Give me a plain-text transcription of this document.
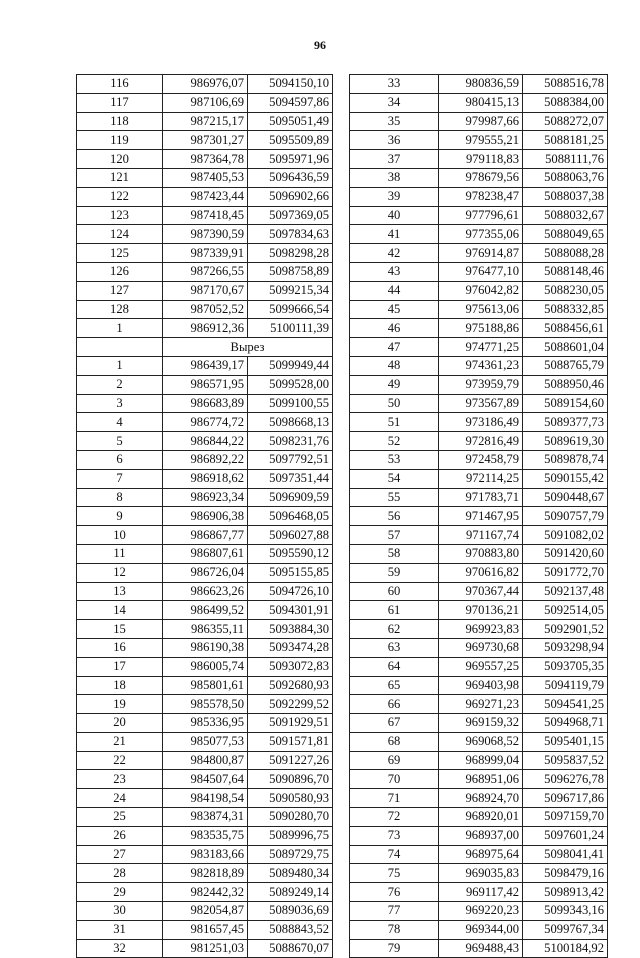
96
116	986976,07	5094150,10
117	987106,69	5094597,86
118	987215,17	5095051,49
119	987301,27	5095509,89
120	987364,78	5095971,96
121	987405,53	5096436,59
122	987423,44	5096902,66
123	987418,45	5097369,05
124	987390,59	5097834,63
125	987339,91	5098298,28
126	987266,55	5098758,89
127	987170,67	5099215,34
128	987052,52	5099666,54
1	986912,36	5100111,39
	Вырез	
1	986439,17	5099949,44
2	986571,95	5099528,00
3	986683,89	5099100,55
4	986774,72	5098668,13
5	986844,22	5098231,76
6	986892,22	5097792,51
7	986918,62	5097351,44
8	986923,34	5096909,59
9	986906,38	5096468,05
10	986867,77	5096027,88
11	986807,61	5095590,12
12	986726,04	5095155,85
13	986623,26	5094726,10
14	986499,52	5094301,91
15	986355,11	5093884,30
16	986190,38	5093474,28
17	986005,74	5093072,83
18	985801,61	5092680,93
19	985578,50	5092299,52
20	985336,95	5091929,51
21	985077,53	5091571,81
22	984800,87	5091227,26
23	984507,64	5090896,70
24	984198,54	5090580,93
25	983874,31	5090280,70
26	983535,75	5089996,75
27	983183,66	5089729,75
28	982818,89	5089480,34
29	982442,32	5089249,14
30	982054,87	5089036,69
31	981657,45	5088843,52
32	981251,03	5088670,07
33	980836,59	5088516,78
34	980415,13	5088384,00
35	979987,66	5088272,07
36	979555,21	5088181,25
37	979118,83	5088111,76
38	978679,56	5088063,76
39	978238,47	5088037,38
40	977796,61	5088032,67
41	977355,06	5088049,65
42	976914,87	5088088,28
43	976477,10	5088148,46
44	976042,82	5088230,05
45	975613,06	5088332,85
46	975188,86	5088456,61
47	974771,25	5088601,04
48	974361,23	5088765,79
49	973959,79	5088950,46
50	973567,89	5089154,60
51	973186,49	5089377,73
52	972816,49	5089619,30
53	972458,79	5089878,74
54	972114,25	5090155,42
55	971783,71	5090448,67
56	971467,95	5090757,79
57	971167,74	5091082,02
58	970883,80	5091420,60
59	970616,82	5091772,70
60	970367,44	5092137,48
61	970136,21	5092514,05
62	969923,83	5092901,52
63	969730,68	5093298,94
64	969557,25	5093705,35
65	969403,98	5094119,79
66	969271,23	5094541,25
67	969159,32	5094968,71
68	969068,52	5095401,15
69	968999,04	5095837,52
70	968951,06	5096276,78
71	968924,70	5096717,86
72	968920,01	5097159,70
73	968937,00	5097601,24
74	968975,64	5098041,41
75	969035,83	5098479,16
76	969117,42	5098913,42
77	969220,23	5099343,16
78	969344,00	5099767,34
79	969488,43	5100184,92
